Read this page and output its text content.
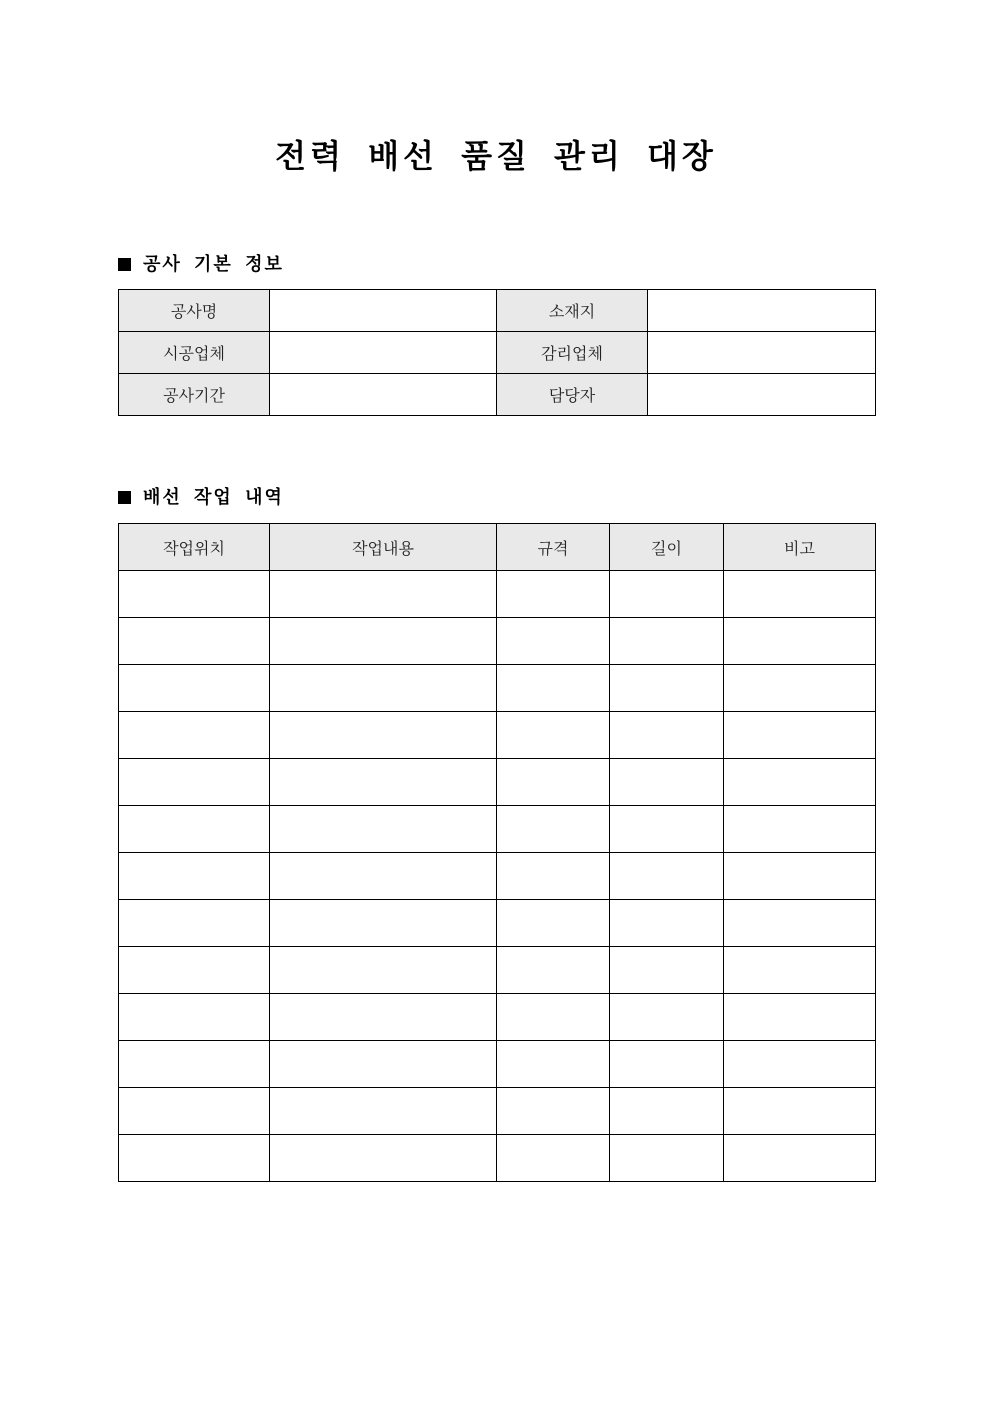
전력 배선 품질 관리 대장
공사 기본 정보
공사명		소재지	
시공업체		감리업체	
공사기간		담당자	
배선 작업 내역
작업위치	작업내용	규격	길이	비고
